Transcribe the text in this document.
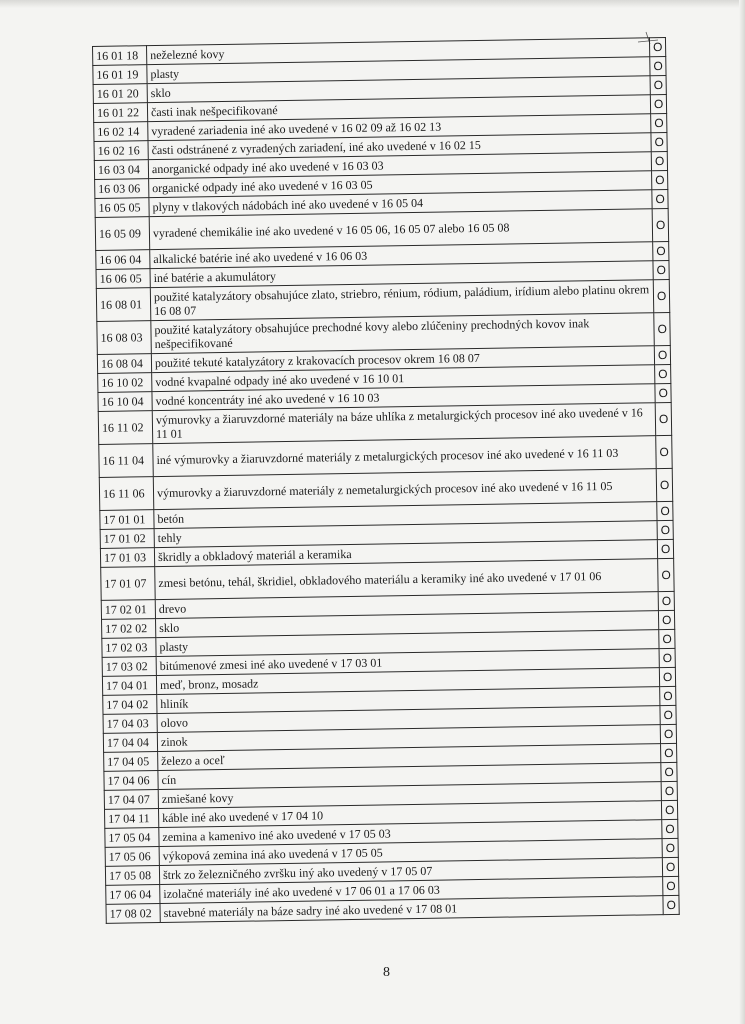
16 01 18	neželezné kovy	O
16 01 19	plasty	O
16 01 20	sklo	O
16 01 22	časti inak nešpecifikované	O
16 02 14	vyradené zariadenia iné ako uvedené v 16 02 09 až 16 02 13	O
16 02 16	časti odstránené z vyradených zariadení, iné ako uvedené v 16 02 15	O
16 03 04	anorganické odpady iné ako uvedené v 16 03 03	O
16 03 06	organické odpady iné ako uvedené v 16 03 05	O
16 05 05	plyny v tlakových nádobách iné ako uvedené v 16 05 04	O
16 05 09	vyradené chemikálie iné ako uvedené v 16 05 06, 16 05 07 alebo 16 05 08	O
16 06 04	alkalické batérie iné ako uvedené v 16 06 03	O
16 06 05	iné batérie a akumulátory	O
16 08 01	použité katalyzátory obsahujúce zlato, striebro, rénium, ródium, paládium, irídium alebo platinu okrem 16 08 07	O
16 08 03	použité katalyzátory obsahujúce prechodné kovy alebo zlúčeniny prechodných kovov inak nešpecifikované	O
16 08 04	použité tekuté katalyzátory z krakovacích procesov okrem 16 08 07	O
16 10 02	vodné kvapalné odpady iné ako uvedené v 16 10 01	O
16 10 04	vodné koncentráty iné ako uvedené v 16 10 03	O
16 11 02	výmurovky a žiaruvzdorné materiály na báze uhlíka z metalurgických procesov iné ako uvedené v 16 11 01	O
16 11 04	iné výmurovky a žiaruvzdorné materiály z metalurgických procesov iné ako uvedené v 16 11 03	O
16 11 06	výmurovky a žiaruvzdorné materiály z nemetalurgických procesov iné ako uvedené v 16 11 05	O
17 01 01	betón	O
17 01 02	tehly	O
17 01 03	škridly a obkladový materiál a keramika	O
17 01 07	zmesi betónu, tehál, škridiel, obkladového materiálu a keramiky iné ako uvedené v 17 01 06	O
17 02 01	drevo	O
17 02 02	sklo	O
17 02 03	plasty	O
17 03 02	bitúmenové zmesi iné ako uvedené v 17 03 01	O
17 04 01	meď, bronz, mosadz	O
17 04 02	hliník	O
17 04 03	olovo	O
17 04 04	zinok	O
17 04 05	železo a oceľ	O
17 04 06	cín	O
17 04 07	zmiešané kovy	O
17 04 11	káble iné ako uvedené v 17 04 10	O
17 05 04	zemina a kamenivo iné ako uvedené v 17 05 03	O
17 05 06	výkopová zemina iná ako uvedená v 17 05 05	O
17 05 08	štrk zo železničného zvršku iný ako uvedený v 17 05 07	O
17 06 04	izolačné materiály iné ako uvedené v 17 06 01 a 17 06 03	O
17 08 02	stavebné materiály na báze sadry iné ako uvedené v 17 08 01	O
8
